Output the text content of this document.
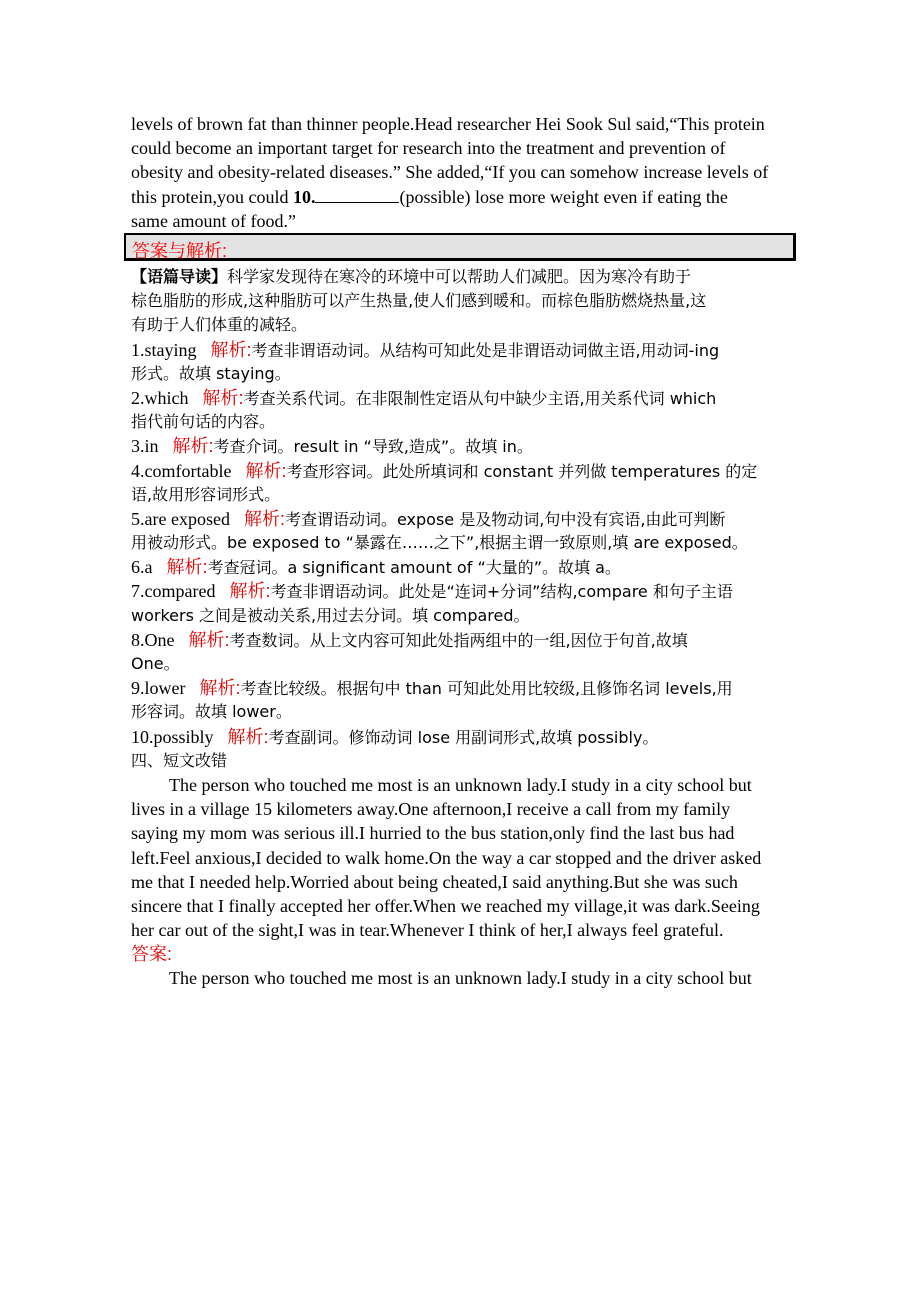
levels of brown fat than thinner people.Head researcher Hei Sook Sul said,“This protein
could become an important target for research into the treatment and prevention of
obesity and obesity-related diseases.” She added,“If you can somehow increase levels of
this protein,you could 10.	(possible) lose more weight even if eating the
same amount of food.”
答案与解析:
【语篇导读】科学家发现待在寒冷的环境中可以帮助人们减肥。因为寒冷有助于
棕色脂肪的形成,这种脂肪可以产生热量,使人们感到暖和。而棕色脂肪燃烧热量,这
有助于人们体重的减轻。
1.staying 解析:考查非谓语动词。从结构可知此处是非谓语动词做主语,用动词-ing
形式。故填 staying。
2.which 解析:考查关系代词。在非限制性定语从句中缺少主语,用关系代词 which
指代前句话的内容。
3.in 解析:考查介词。result in “导致,造成”。故填 in。
4.comfortable 解析:考查形容词。此处所填词和 constant 并列做 temperatures 的定
语,故用形容词形式。
5.are exposed 解析:考查谓语动词。expose 是及物动词,句中没有宾语,由此可判断
用被动形式。be exposed to “暴露在……之下”,根据主谓一致原则,填 are exposed。
6.a 解析:考查冠词。a significant amount of “大量的”。故填 a。
7.compared 解析:考查非谓语动词。此处是“连词+分词”结构,compare 和句子主语
workers 之间是被动关系,用过去分词。填 compared。
8.One 解析:考查数词。从上文内容可知此处指两组中的一组,因位于句首,故填
One。
9.lower 解析:考查比较级。根据句中 than 可知此处用比较级,且修饰名词 levels,用
形容词。故填 lower。
10.possibly 解析:考查副词。修饰动词 lose 用副词形式,故填 possibly。
四、短文改错
The person who touched me most is an unknown lady.I study in a city school but
lives in a village 15 kilometers away.One afternoon,I receive a call from my family
saying my mom was serious ill.I hurried to the bus station,only find the last bus had
left.Feel anxious,I decided to walk home.On the way a car stopped and the driver asked
me that I needed help.Worried about being cheated,I said anything.But she was such
sincere that I finally accepted her offer.When we reached my village,it was dark.Seeing
her car out of the sight,I was in tear.Whenever I think of her,I always feel grateful.
答案:
The person who touched me most is an unknown lady.I study in a city school but
